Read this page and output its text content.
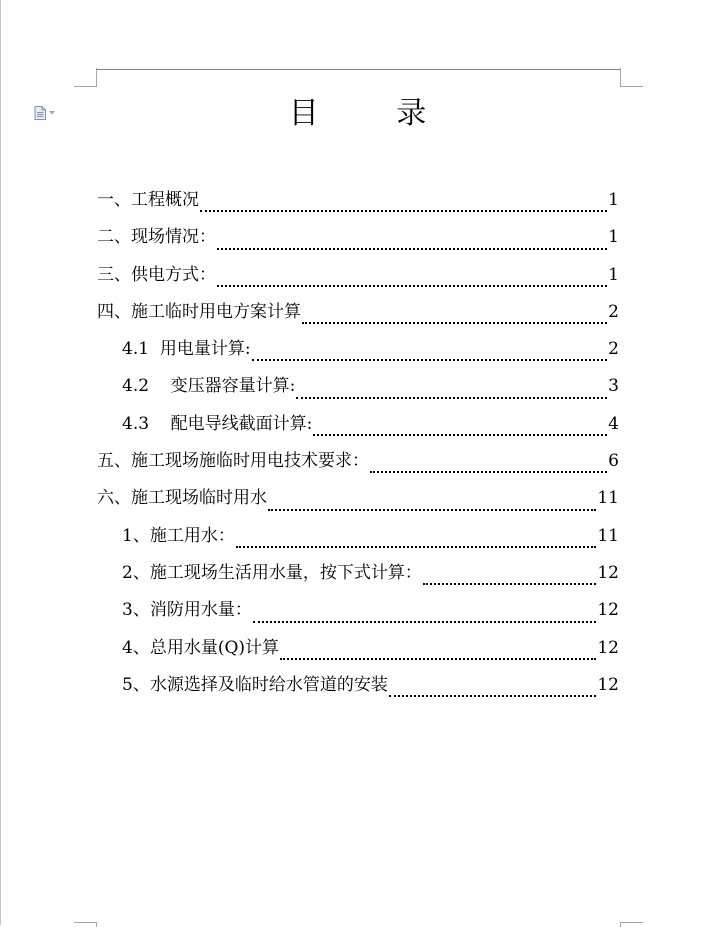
目 录
一、工程概况	1
二、现场情况：	1
三、供电方式：	1
四、施工临时用电方案计算	2
4.1  用电量计算:	2
4.2    变压器容量计算:	3
4.3    配电导线截面计算:	4
五、施工现场施临时用电技术要求：	6
六、施工现场临时用水	11
1、施工用水：	11
2、施工现场生活用水量，按下式计算：	12
3、消防用水量：	12
4、总用水量(Q)计算	12
5、水源选择及临时给水管道的安装	12
